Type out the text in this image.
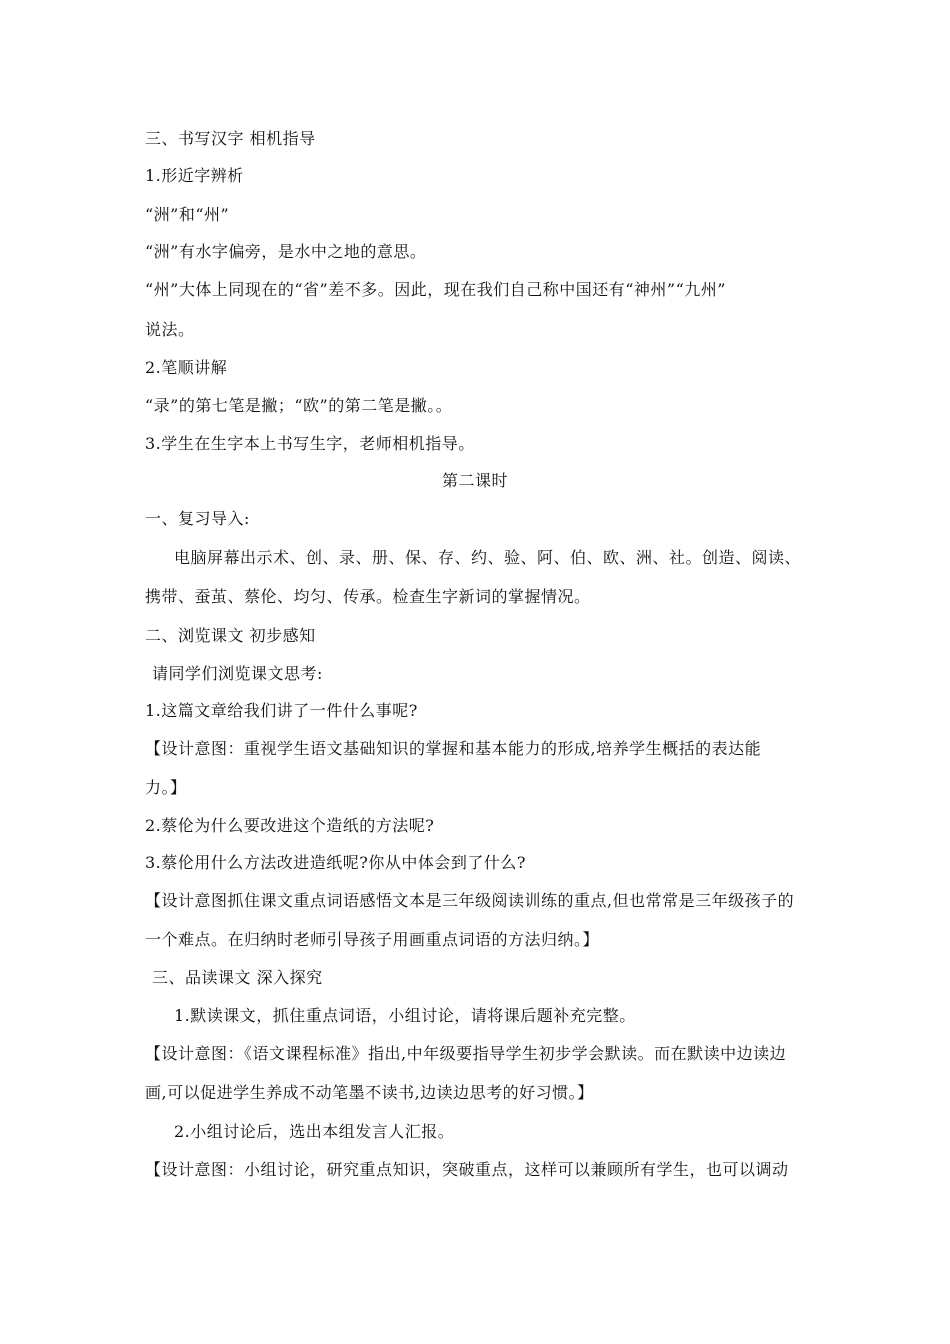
三、书写汉字 相机指导
1.形近字辨析
“洲”和“州”
“洲”有水字偏旁，是水中之地的意思。
“州”大体上同现在的“省”差不多。因此，现在我们自己称中国还有“神州”“九州”
说法。
2.笔顺讲解
“录”的第七笔是撇；“欧”的第二笔是撇。。
3.学生在生字本上书写生字，老师相机指导。
第二课时
一、复习导入:
电脑屏幕出示术、创、录、册、保、存、约、验、阿、伯、欧、洲、社。创造、阅读、
携带、蚕茧、蔡伦、均匀、传承。检查生字新词的掌握情况。
二、浏览课文 初步感知
请同学们浏览课文思考:
1.这篇文章给我们讲了一件什么事呢?
【设计意图：重视学生语文基础知识的掌握和基本能力的形成,培养学生概括的表达能
力。】
2.蔡伦为什么要改进这个造纸的方法呢?
3.蔡伦用什么方法改进造纸呢?你从中体会到了什么?
【设计意图抓住课文重点词语感悟文本是三年级阅读训练的重点,但也常常是三年级孩子的
一个难点。在归纳时老师引导孩子用画重点词语的方法归纳。】
三、品读课文 深入探究
1.默读课文，抓住重点词语，小组讨论，请将课后题补充完整。
【设计意图：《语文课程标准》指出,中年级要指导学生初步学会默读。而在默读中边读边
画,可以促进学生养成不动笔墨不读书,边读边思考的好习惯。】
2.小组讨论后，选出本组发言人汇报。
【设计意图：小组讨论，研究重点知识，突破重点，这样可以兼顾所有学生，也可以调动
